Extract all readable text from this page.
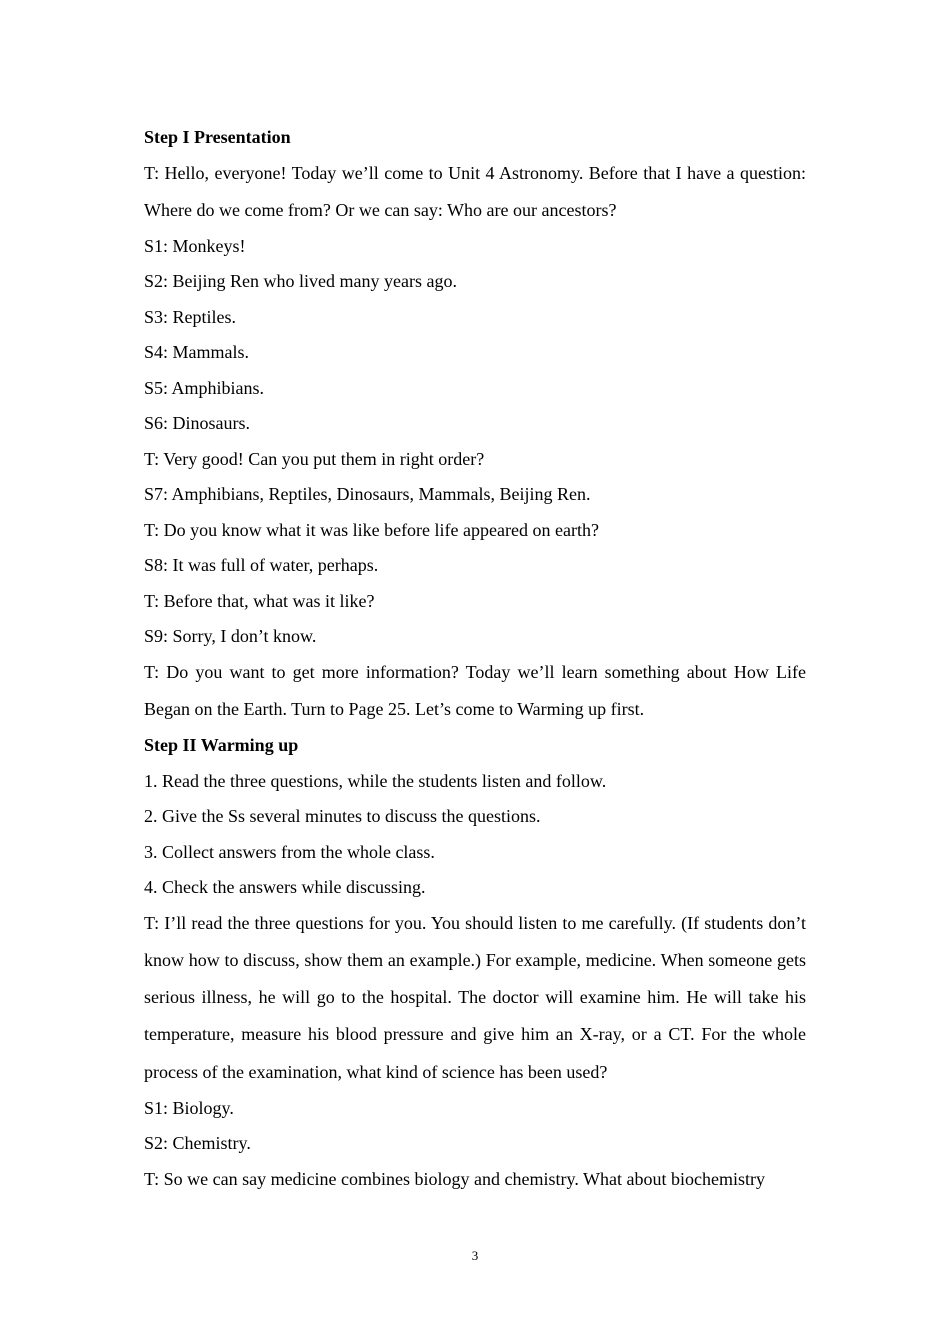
Step I Presentation
T: Hello, everyone! Today we’ll come to Unit 4 Astronomy. Before that I have a question: Where do we come from? Or we can say: Who are our ancestors?
S1: Monkeys!
S2: Beijing Ren who lived many years ago.
S3: Reptiles.
S4: Mammals.
S5: Amphibians.
S6: Dinosaurs.
T: Very good! Can you put them in right order?
S7: Amphibians, Reptiles, Dinosaurs, Mammals, Beijing Ren.
T: Do you know what it was like before life appeared on earth?
S8: It was full of water, perhaps.
T: Before that, what was it like?
S9: Sorry, I don’t know.
T: Do you want to get more information? Today we’ll learn something about How Life Began on the Earth. Turn to Page 25. Let’s come to Warming up first.
Step II Warming up
1. Read the three questions, while the students listen and follow.
2. Give the Ss several minutes to discuss the questions.
3. Collect answers from the whole class.
4. Check the answers while discussing.
T: I’ll read the three questions for you. You should listen to me carefully. (If students don’t know how to discuss, show them an example.) For example, medicine. When someone gets serious illness, he will go to the hospital. The doctor will examine him. He will take his temperature, measure his blood pressure and give him an X-ray, or a CT. For the whole process of the examination, what kind of science has been used?
S1: Biology.
S2: Chemistry.
T: So we can say medicine combines biology and chemistry. What about biochemistry
3
